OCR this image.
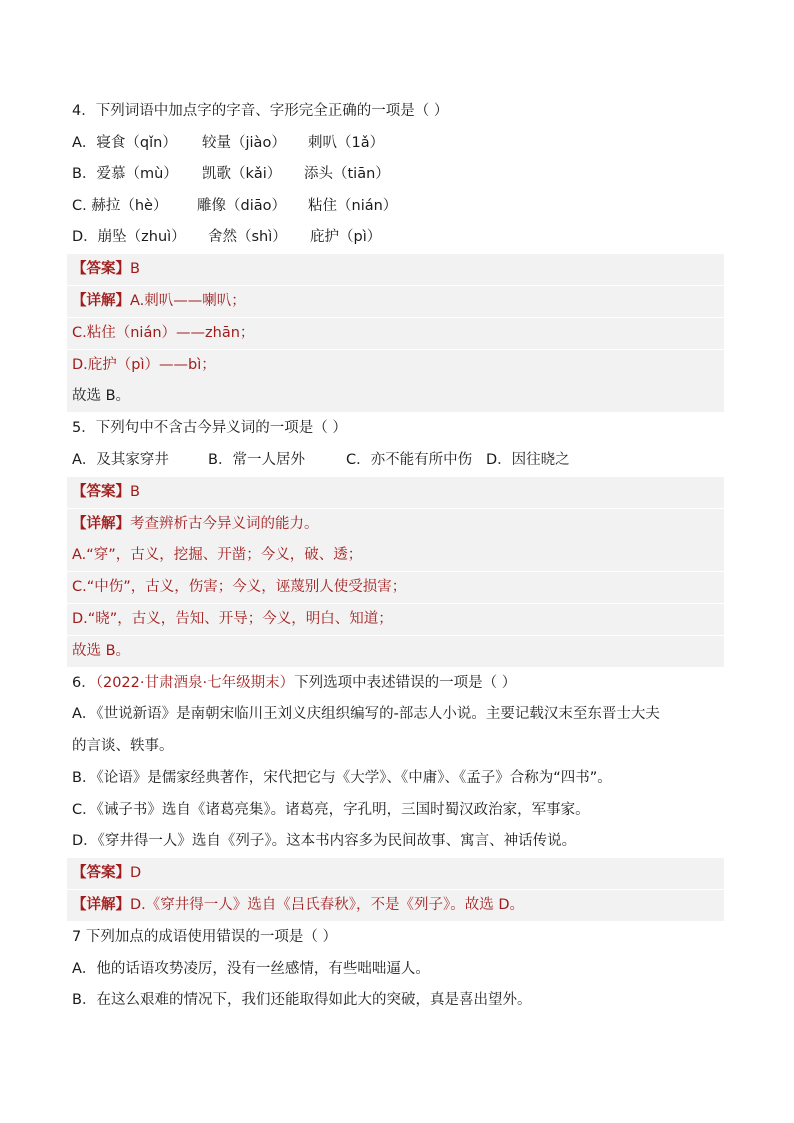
4．下列词语中加点字的字音、字形完全正确的一项是（ ）
A．寝食（qǐn） 较量（jiào） 刺叭（1ǎ）
B．爱慕（mù） 凯歌（kǎi） 添头（tiān）
C. 赫拉（hè） 雕像（diāo） 粘住（nián）
D．崩坠（zhuì） 舍然（shì） 庇护（pì）
【答案】B
【详解】A.刺叭——喇叭；
C.粘住（nián）——zhān；
D.庇护（pì）——bì；
故选 B。
5．下列句中不含古今异义词的一项是（ ）
A．及其家穿井	B．常一人居外	C．亦不能有所中伤 D．因往晓之
【答案】B
【详解】考查辨析古今异义词的能力。
A.“穿”，古义，挖掘、开凿；今义，破、透；
C.“中伤”，古义，伤害；今义，诬蔑别人使受损害；
D.“晓”，古义，告知、开导；今义，明白、知道；
故选 B。
6．（2022·甘肃酒泉·七年级期末）下列选项中表述错误的一项是（ ）
A．《世说新语》是南朝宋临川王刘义庆组织编写的-部志人小说。主要记载汉末至东晋士大夫
的言谈、轶事。
B．《论语》是儒家经典著作，宋代把它与《大学》、《中庸》、《孟子》合称为“四书”。
C．《诫子书》选自《诸葛亮集》。诸葛亮，字孔明，三国时蜀汉政治家，军事家。
D．《穿井得一人》选自《列子》。这本书内容多为民间故事、寓言、神话传说。
【答案】D
【详解】D.《穿井得一人》选自《吕氏春秋》，不是《列子》。故选 D。
7 下列加点的成语使用错误的一项是（ ）
A．他的话语攻势凌厉，没有一丝感情，有些咄咄逼人。
B．在这么艰难的情况下，我们还能取得如此大的突破，真是喜出望外。
